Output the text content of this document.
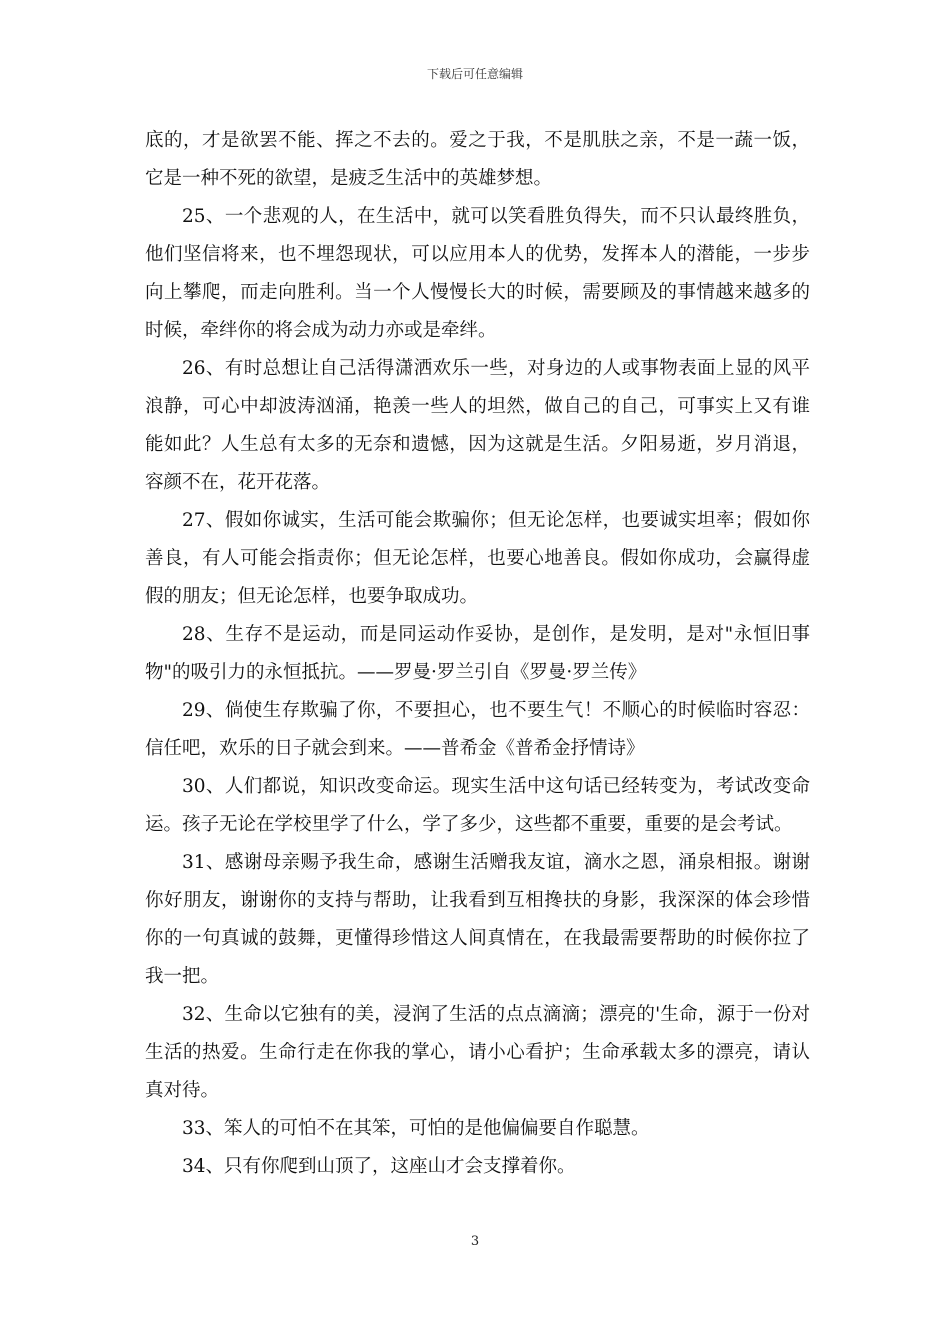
下载后可任意编辑

底的，才是欲罢不能、挥之不去的。爱之于我，不是肌肤之亲，不是一蔬一饭，它是一种不死的欲望，是疲乏生活中的英雄梦想。

25、一个悲观的人，在生活中，就可以笑看胜负得失，而不只认最终胜负，他们坚信将来，也不埋怨现状，可以应用本人的优势，发挥本人的潜能，一步步向上攀爬，而走向胜利。当一个人慢慢长大的时候，需要顾及的事情越来越多的时候，牵绊你的将会成为动力亦或是牵绊。

26、有时总想让自己活得潇洒欢乐一些，对身边的人或事物表面上显的风平浪静，可心中却波涛汹涌，艳羡一些人的坦然，做自己的自己，可事实上又有谁能如此？人生总有太多的无奈和遗憾，因为这就是生活。夕阳易逝，岁月消退，容颜不在，花开花落。

27、假如你诚实，生活可能会欺骗你；但无论怎样，也要诚实坦率；假如你善良，有人可能会指责你；但无论怎样，也要心地善良。假如你成功，会赢得虚假的朋友；但无论怎样，也要争取成功。

28、生存不是运动，而是同运动作妥协，是创作，是发明，是对"永恒旧事物"的吸引力的永恒抵抗。——罗曼·罗兰引自《罗曼·罗兰传》

29、倘使生存欺骗了你，不要担心，也不要生气！不顺心的时候临时容忍：信任吧，欢乐的日子就会到来。——普希金《普希金抒情诗》

30、人们都说，知识改变命运。现实生活中这句话已经转变为，考试改变命运。孩子无论在学校里学了什么，学了多少，这些都不重要，重要的是会考试。

31、感谢母亲赐予我生命，感谢生活赠我友谊，滴水之恩，涌泉相报。谢谢你好朋友，谢谢你的支持与帮助，让我看到互相搀扶的身影，我深深的体会珍惜你的一句真诚的鼓舞，更懂得珍惜这人间真情在，在我最需要帮助的时候你拉了我一把。

32、生命以它独有的美，浸润了生活的点点滴滴；漂亮的'生命，源于一份对生活的热爱。生命行走在你我的掌心，请小心看护；生命承载太多的漂亮，请认真对待。

33、笨人的可怕不在其笨，可怕的是他偏偏要自作聪慧。

34、只有你爬到山顶了，这座山才会支撑着你。

3
